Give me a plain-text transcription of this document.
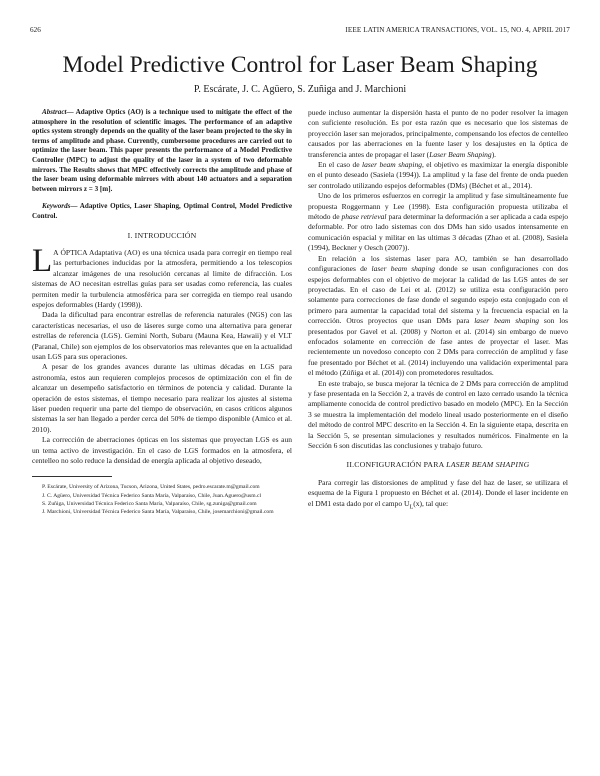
626	IEEE LATIN AMERICA TRANSACTIONS, VOL. 15, NO. 4, APRIL 2017
Model Predictive Control for Laser Beam Shaping
P. Escárate, J. C. Agüero, S. Zuñiga and J. Marchioni

Abstract— Adaptive Optics (AO) is a technique used to mitigate the effect of the atmosphere in the resolution of scientific images. The performance of an adaptive optics system strongly depends on the quality of the laser beam projected to the sky in terms of amplitude and phase. Currently, cumbersome procedures are carried out to optimize the laser beam. This paper presents the performance of a Model Predictive Controller (MPC) to adjust the quality of the laser in a system of two deformable mirrors. The Results shows that MPC effectively corrects the amplitude and phase of the laser beam using deformable mirrors with about 140 actuators and a separation between mirrors z = 3 [m].

Keywords— Adaptive Optics, Laser Shaping, Optimal Control, Model Predictive Control.

I. INTRODUCCIÓN

L A ÓPTICA Adaptativa (AO) es una técnica usada para corregir en tiempo real las perturbaciones inducidas por la atmosfera, permitiendo a los telescopios alcanzar imágenes de una resolución cercanas al limite de difracción. Los sistemas de AO necesitan estrellas guías para ser usadas como referencia, las cuales permiten medir la turbulencia atmosférica para ser corregida en tiempo real usando espejos deformables (Hardy (1998)).

Dada la dificultad para encontrar estrellas de referencia naturales (NGS) con las características necesarias, el uso de láseres surge como una alternativa para generar estrellas de referencia (LGS). Gemini North, Subaru (Mauna Kea, Hawaii) y el VLT (Paranal, Chile) son ejemplos de los observatorios mas relevantes que en la actualidad usan LGS para sus operaciones.

A pesar de los grandes avances durante las ultimas décadas en LGS para astronomía, estos aun requieren complejos procesos de optimización con el fin de alcanzar un desempeño satisfactorio en términos de potencia y calidad. Durante la operación de estos sistemas, el tiempo necesario para realizar los ajustes al sistema láser pueden requerir una parte del tiempo de observación, en casos críticos algunos sistemas la ser han llegado a perder cerca del 50% de tiempo disponible (Amico et al. 2010).

La corrección de aberraciones ópticas en los sistemas que proyectan LGS es aun un tema activo de investigación. En el caso de LGS formados en la atmosfera, el centelleo no solo reduce la densidad de energía aplicada al objetivo deseado,

P. Escárate, University of Arizona, Tucson, Arizona, United States, pedro.escarate.m@gmail.com

J. C. Agüero, Universidad Técnica Federico Santa María, Valparaíso, Chile, Juan.Aguero@usm.cl

S. Zuñiga, Universidad Técnica Federico Santa María, Valparaíso, Chile, sg.zuniga@gmail.com

J. Marchioni, Universidad Técnica Federico Santa María, Valparaíso, Chile, josemarchioni@gmail.com

puede incluso aumentar la dispersión hasta el punto de no poder resolver la imagen con suficiente resolución. Es por esta razón que es necesario que los sistemas de proyección laser san mejorados, principalmente, compensando los efectos de centelleo causados por las aberraciones en la fuente laser y los desajustes en la óptica de transferencia antes de propagar el laser (Laser Beam Shaping).

En el caso de laser beam shaping, el objetivo es maximizar la energía disponible en el punto deseado (Sasiela (1994)). La amplitud y la fase del frente de onda pueden ser controlado utilizando espejos deformables (DMs) (Béchet et al., 2014).

Uno de los primeros esfuerzos en corregir la amplitud y fase simultáneamente fue propuesta Roggermann y Lee (1998). Esta configuración propuesta utilizaba el método de phase retrieval para determinar la deformación a ser aplicada a cada espejo deformable. Por otro lado sistemas con dos DMs han sido usados intensamente en comunicación espacial y militar en las ultimas 3 décadas (Zhao et al. (2008), Sasiela (1994), Beckner y Oesch (2007)).

En relación a los sistemas laser para AO, también se han desarrollado configuraciones de laser beam shaping donde se usan configuraciones con dos espejos deformables con el objetivo de mejorar la calidad de las LGS antes de ser proyectadas. En el caso de Lei et al. (2012) se utiliza esta configuración pero solamente para correcciones de fase donde el segundo espejo esta conjugado con el primero para aumentar la capacidad total del sistema y la frecuencia espacial en la corrección. Otros proyectos que usan DMs para laser beam shaping son los presentados por Gavel et al. (2008) y Norton et al. (2014) sin embargo de nuevo enfocados solamente en corrección de fase antes de proyectar el laser. Mas recientemente un novedoso concepto con 2 DMs para corrección de amplitud y fase fue presentado por Béchet et al. (2014) incluyendo una validación experimental para el método (Zúñiga et al. (2014)) con prometedores resultados.

En este trabajo, se busca mejorar la técnica de 2 DMs para corrección de amplitud y fase presentada en la Sección 2, a través de control en lazo cerrado usando la técnica ampliamente conocida de control predictivo basado en modelo (MPC). En la Sección 3 se muestra la implementación del modelo lineal usado posteriormente en el diseño del método de control MPC descrito en la Sección 4. En la siguiente etapa, descrita en la Sección 5, se presentan simulaciones y resultados numéricos. Finalmente en la Sección 6 son discutidas las conclusiones y trabajo futuro.

II.CONFIGURACIÓN PARA LASER BEAM SHAPING

Para corregir las distorsiones de amplitud y fase del haz de laser, se utilizara el esquema de la Figura 1 propuesto en Béchet et al. (2014). Donde el laser incidente en el DM1 esta dado por el campo $U_L(x)$, tal que:
